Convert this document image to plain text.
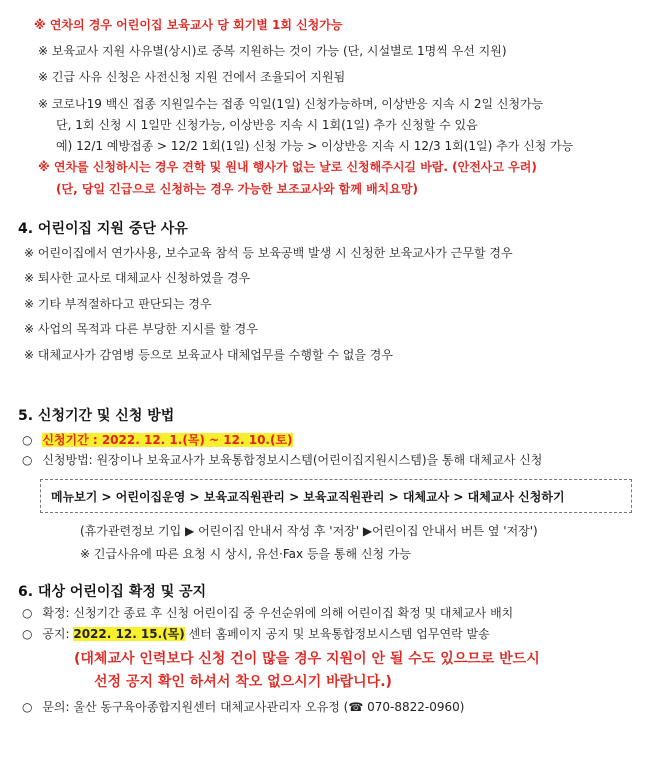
※ 연차의 경우 어린이집 보육교사 당 회기별 1회 신청가능
※ 보육교사 지원 사유별(상시)로 중복 지원하는 것이 가능 (단, 시설별로 1명씩 우선 지원)
※ 긴급 사유 신청은 사전신청 지원 건에서 조율되어 지원됨
※ 코로나19 백신 접종 지원일수는 접종 익일(1일) 신청가능하며, 이상반응 지속 시 2일 신청가능
단, 1회 신청 시 1일만 신청가능, 이상반응 지속 시 1회(1일) 추가 신청할 수 있음
예) 12/1 예방접종 > 12/2 1회(1일) 신청 가능 > 이상반응 지속 시 12/3 1회(1일) 추가 신청 가능
※ 연차를 신청하시는 경우 견학 및 원내 행사가 없는 날로 신청해주시길 바람. (안전사고 우려)
(단, 당일 긴급으로 신청하는 경우 가능한 보조교사와 함께 배치요망)
4. 어린이집 지원 중단 사유
※ 어린이집에서 연가사용, 보수교육 참석 등 보육공백 발생 시 신청한 보육교사가 근무할 경우
※ 퇴사한 교사로 대체교사 신청하였을 경우
※ 기타 부적절하다고 판단되는 경우
※ 사업의 목적과 다른 부당한 지시를 할 경우
※ 대체교사가 감염병 등으로 보육교사 대체업무를 수행할 수 없을 경우
5. 신청기간 및 신청 방법
○ 신청기간 : 2022. 12. 1.(목) ~ 12. 10.(토)
○ 신청방법: 원장이나 보육교사가 보육통합정보시스템(어린이집지원시스템)을 통해 대체교사 신청
메뉴보기 > 어린이집운영 > 보육교직원관리 > 보육교직원관리 > 대체교사 > 대체교사 신청하기
(휴가관련정보 기입 ▶ 어린이집 안내서 작성 후 '저장' ▶어린이집 안내서 버튼 옆 '저장')
※ 긴급사유에 따른 요청 시 상시, 유선·Fax 등을 통해 신청 가능
6. 대상 어린이집 확정 및 공지
○ 확정: 신청기간 종료 후 신청 어린이집 중 우선순위에 의해 어린이집 확정 및 대체교사 배치
○ 공지: 2022. 12. 15.(목) 센터 홈페이지 공지 및 보육통합정보시스템 업무연락 발송
(대체교사 인력보다 신청 건이 많을 경우 지원이 안 될 수도 있으므로 반드시
선정 공지 확인 하셔서 착오 없으시기 바랍니다.)
○ 문의: 울산 동구육아종합지원센터 대체교사관리자 오유정 (☎ 070-8822-0960)
